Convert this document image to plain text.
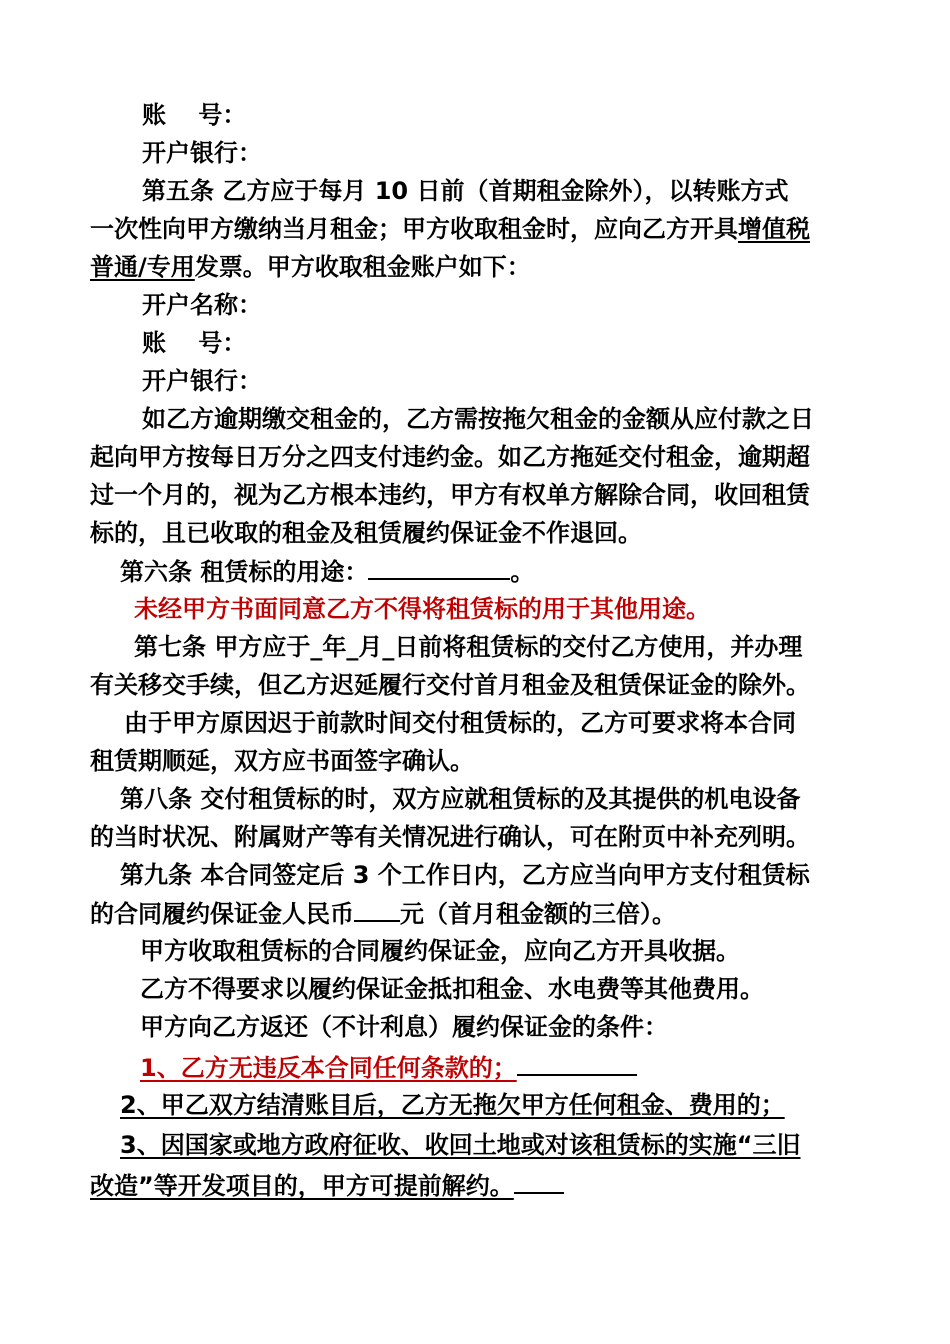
账　 号：
开户银行：
第五条 乙方应于每月 10 日前（首期租金除外），以转账方式
一次性向甲方缴纳当月租金；甲方收取租金时，应向乙方开具增值税
普通/专用发票。甲方收取租金账户如下：
开户名称：
账　 号：
开户银行：
如乙方逾期缴交租金的，乙方需按拖欠租金的金额从应付款之日
起向甲方按每日万分之四支付违约金。如乙方拖延交付租金，逾期超
过一个月的，视为乙方根本违约，甲方有权单方解除合同，收回租赁
标的，且已收取的租金及租赁履约保证金不作退回。
第六条 租赁标的用途：	。
未经甲方书面同意乙方不得将租赁标的用于其他用途。
第七条 甲方应于_年_月_日前将租赁标的交付乙方使用，并办理
有关移交手续，但乙方迟延履行交付首月租金及租赁保证金的除外。
由于甲方原因迟于前款时间交付租赁标的，乙方可要求将本合同
租赁期顺延，双方应书面签字确认。
第八条 交付租赁标的时，双方应就租赁标的及其提供的机电设备
的当时状况、附属财产等有关情况进行确认，可在附页中补充列明。
第九条 本合同签定后 3 个工作日内，乙方应当向甲方支付租赁标
的合同履约保证金人民币 元（首月租金额的三倍）。
甲方收取租赁标的合同履约保证金，应向乙方开具收据。
乙方不得要求以履约保证金抵扣租金、水电费等其他费用。
甲方向乙方返还（不计利息）履约保证金的条件：
1、乙方无违反本合同任何条款的；
2、甲乙双方结清账目后，乙方无拖欠甲方任何租金、费用的；
3、因国家或地方政府征收、收回土地或对该租赁标的实施“三旧
改造”等开发项目的，甲方可提前解约。
